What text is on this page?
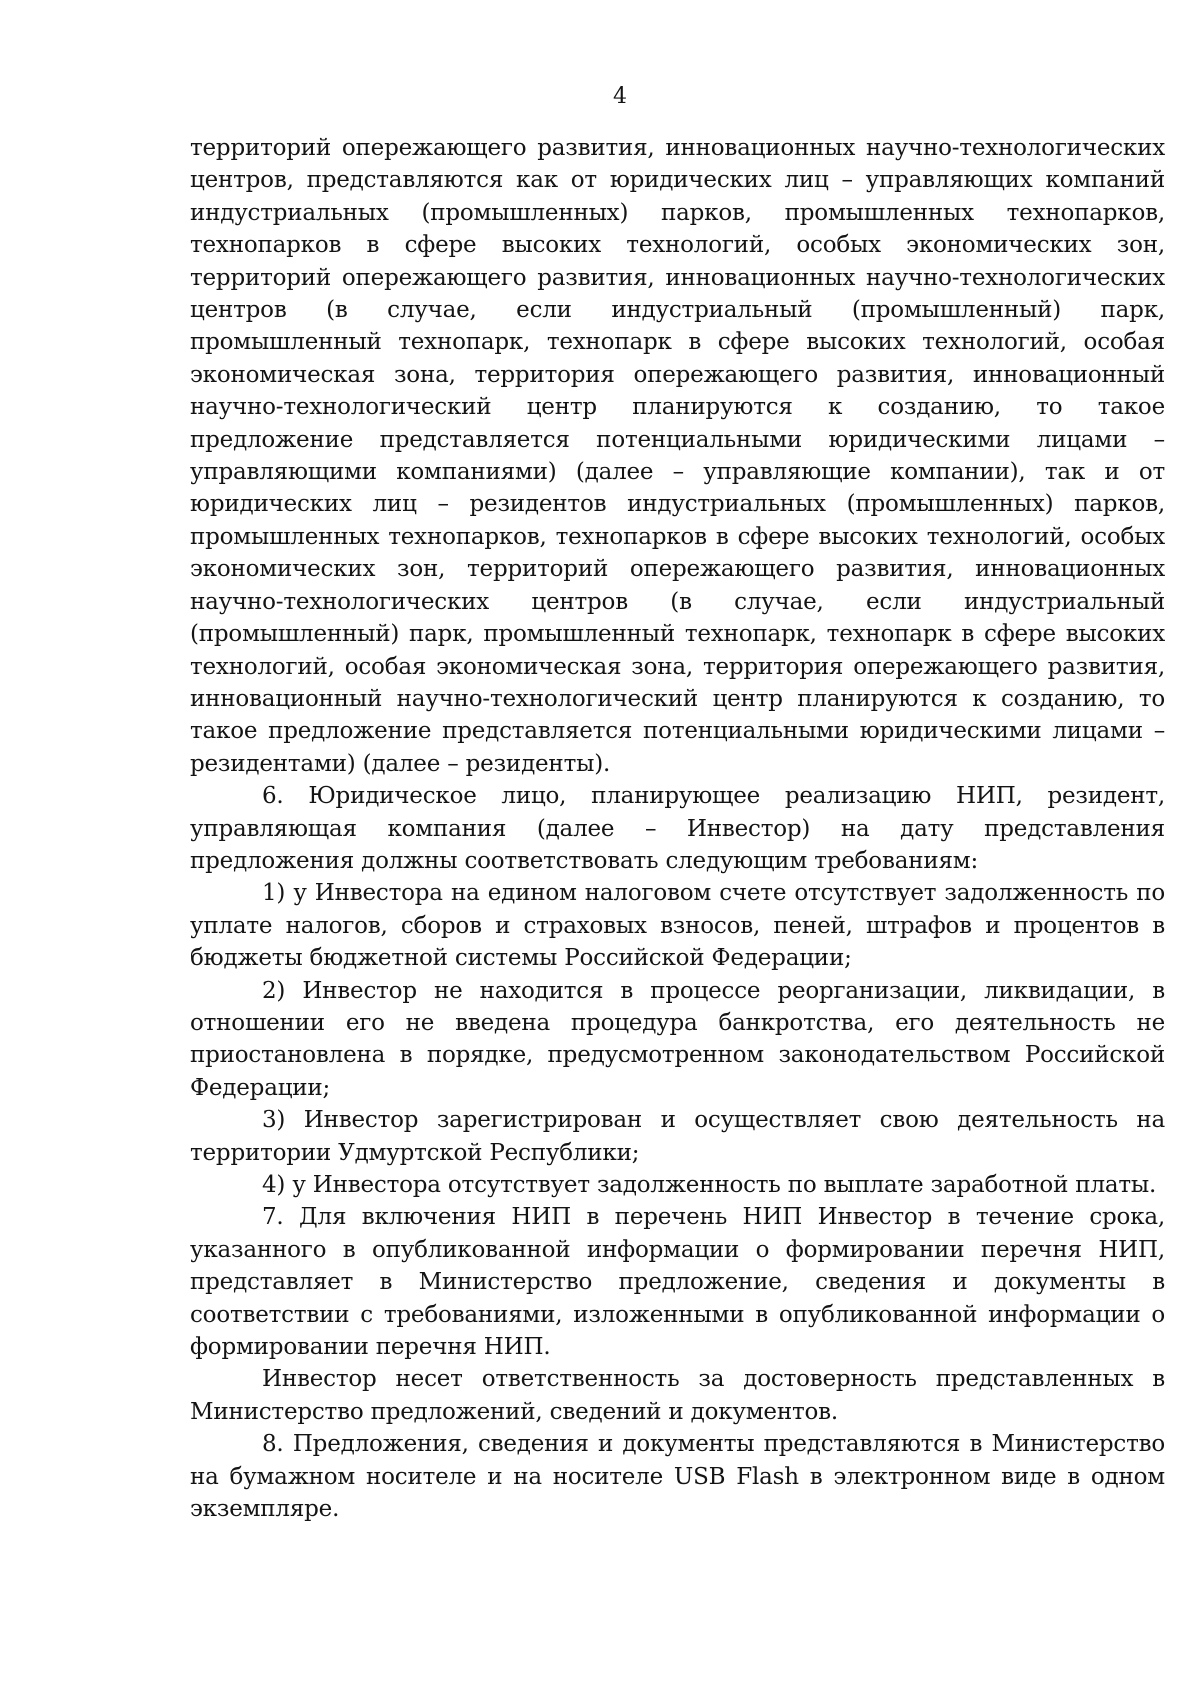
4

территорий опережающего развития, инновационных научно-технологических центров, представляются как от юридических лиц – управляющих компаний индустриальных (промышленных) парков, промышленных технопарков, технопарков в сфере высоких технологий, особых экономических зон, территорий опережающего развития, инновационных научно-технологических центров (в случае, если индустриальный (промышленный) парк, промышленный технопарк, технопарк в сфере высоких технологий, особая экономическая зона, территория опережающего развития, инновационный научно-технологический центр планируются к созданию, то такое предложение представляется потенциальными юридическими лицами – управляющими компаниями) (далее – управляющие компании), так и от юридических лиц – резидентов индустриальных (промышленных) парков, промышленных технопарков, технопарков в сфере высоких технологий, особых экономических зон, территорий опережающего развития, инновационных научно-технологических центров (в случае, если индустриальный (промышленный) парк, промышленный технопарк, технопарк в сфере высоких технологий, особая экономическая зона, территория опережающего развития, инновационный научно-технологический центр планируются к созданию, то такое предложение представляется потенциальными юридическими лицами – резидентами) (далее – резиденты).

6. Юридическое лицо, планирующее реализацию НИП, резидент, управляющая компания (далее – Инвестор) на дату представления предложения должны соответствовать следующим требованиям:

1) у Инвестора на едином налоговом счете отсутствует задолженность по уплате налогов, сборов и страховых взносов, пеней, штрафов и процентов в бюджеты бюджетной системы Российской Федерации;

2) Инвестор не находится в процессе реорганизации, ликвидации, в отношении его не введена процедура банкротства, его деятельность не приостановлена в порядке, предусмотренном законодательством Российской Федерации;

3) Инвестор зарегистрирован и осуществляет свою деятельность на территории Удмуртской Республики;

4) у Инвестора отсутствует задолженность по выплате заработной платы.

7. Для включения НИП в перечень НИП Инвестор в течение срока, указанного в опубликованной информации о формировании перечня НИП, представляет в Министерство предложение, сведения и документы в соответствии с требованиями, изложенными в опубликованной информации о формировании перечня НИП.

Инвестор несет ответственность за достоверность представленных в Министерство предложений, сведений и документов.

8. Предложения, сведения и документы представляются в Министерство на бумажном носителе и на носителе USB Flash в электронном виде в одном экземпляре.
